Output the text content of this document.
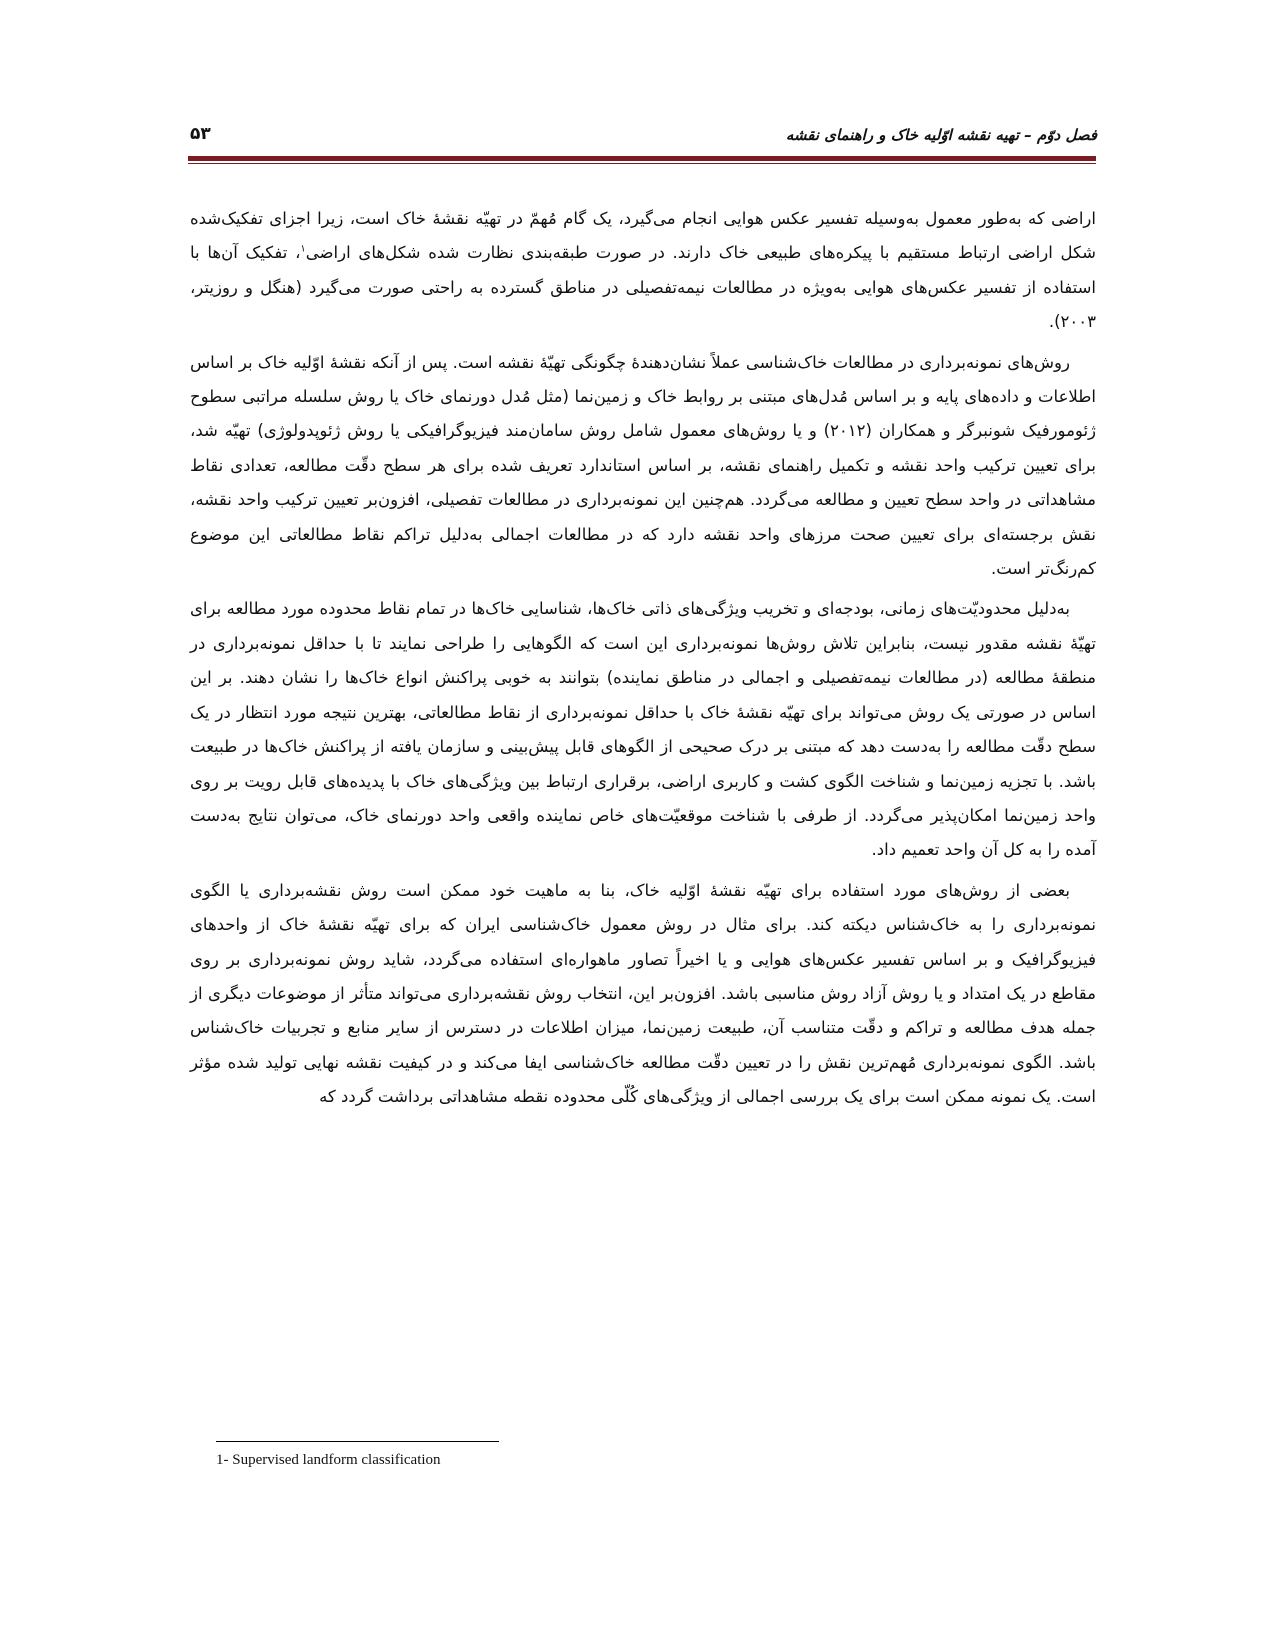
فصل دوّم – تهیه نقشه اوّلیه خاک و راهنمای نقشه
۵۳

اراضی که به‌طور معمول به‌وسیله تفسیر عکس هوایی انجام می‌گیرد، یک گام مُهمّ در تهیّه نقشهٔ خاک است، زیرا اجزای تفکیک‌شده شکل اراضی ارتباط مستقیم با پیکره‌های طبیعی خاک دارند. در صورت طبقه‌بندی نظارت شده شکل‌های اراضی$^۱$، تفکیک آن‌ها با استفاده از تفسیر عکس‌های هوایی به‌ویژه در مطالعات نیمه‌تفصیلی در مناطق گسترده به راحتی صورت می‌گیرد (هنگل و روزیتر، ۲۰۰۳).

روش‌های نمونه‌برداری در مطالعات خاک‌شناسی عملاً نشان‌دهندهٔ چگونگی تهیّهٔ نقشه است. پس از آنکه نقشهٔ اوّلیه خاک بر اساس اطلاعات و داده‌های پایه و بر اساس مُدل‌های مبتنی بر روابط خاک و زمین‌نما (مثل مُدل دورنمای خاک یا روش سلسله مراتبی سطوح ژئومورفیک شونبرگر و همکاران (۲۰۱۲) و یا روش‌های معمول شامل روش سامان‌مند فیزیوگرافیکی یا روش ژئوپدولوژی) تهیّه شد، برای تعیین ترکیب واحد نقشه و تکمیل راهنمای نقشه، بر اساس استاندارد تعریف شده برای هر سطح دقّت مطالعه، تعدادی نقاط مشاهداتی در واحد سطح تعیین و مطالعه می‌گردد. هم‌چنین این نمونه‌برداری در مطالعات تفصیلی، افزون‌بر تعیین ترکیب واحد نقشه، نقش برجسته‌ای برای تعیین صحت مرزهای واحد نقشه دارد که در مطالعات اجمالی به‌دلیل تراکم نقاط مطالعاتی این موضوع کم‌رنگ‌تر است.

به‌دلیل محدودیّت‌های زمانی، بودجه‌ای و تخریب ویژگی‌های ذاتی خاک‌ها، شناسایی خاک‌ها در تمام نقاط محدوده مورد مطالعه برای تهیّهٔ نقشه مقدور نیست، بنابراین تلاش روش‌ها نمونه‌برداری این است که الگوهایی را طراحی نمایند تا با حداقل نمونه‌برداری در منطقهٔ مطالعه (در مطالعات نیمه‌تفصیلی و اجمالی در مناطق نماینده) بتوانند به خوبی پراکنش انواع خاک‌ها را نشان دهند. بر این اساس در صورتی یک روش می‌تواند برای تهیّه نقشهٔ خاک با حداقل نمونه‌برداری از نقاط مطالعاتی، بهترین نتیجه مورد انتظار در یک سطح دقّت مطالعه را به‌دست دهد که مبتنی بر درک صحیحی از الگوهای قابل پیش‌بینی و سازمان یافته از پراکنش خاک‌ها در طبیعت باشد. با تجزیه زمین‌نما و شناخت الگوی کشت و کاربری اراضی، برقراری ارتباط بین ویژگی‌های خاک با پدیده‌های قابل رویت بر روی واحد زمین‌نما امکان‌پذیر می‌گردد. از طرفی با شناخت موقعیّت‌های خاص نماینده واقعی واحد دورنمای خاک، می‌توان نتایج به‌دست آمده را به کل آن واحد تعمیم داد.

بعضی از روش‌های مورد استفاده برای تهیّه نقشهٔ اوّلیه خاک، بنا به ماهیت خود ممکن است روش نقشه‌برداری یا الگوی نمونه‌برداری را به خاک‌شناس دیکته کند. برای مثال در روش معمول خاک‌شناسی ایران که برای تهیّه نقشهٔ خاک از واحدهای فیزیوگرافیک و بر اساس تفسیر عکس‌های هوایی و یا اخیراً تصاور ماهواره‌ای استفاده می‌گردد، شاید روش نمونه‌برداری بر روی مقاطع در یک امتداد و یا روش آزاد روش مناسبی باشد. افزون‌بر این، انتخاب روش نقشه‌برداری می‌تواند متأثر از موضوعات دیگری از جمله هدف مطالعه و تراکم و دقّت متناسب آن، طبیعت زمین‌نما، میزان اطلاعات در دسترس از سایر منابع و تجربیات خاک‌شناس باشد. الگوی نمونه‌برداری مُهم‌ترین نقش را در تعیین دقّت مطالعه خاک‌شناسی ایفا می‌کند و در کیفیت نقشه نهایی تولید شده مؤثر است. یک نمونه ممکن است برای یک بررسی اجمالی از ویژگی‌های کُلّی محدوده نقطه مشاهداتی برداشت گردد که

1- Supervised landform classification
